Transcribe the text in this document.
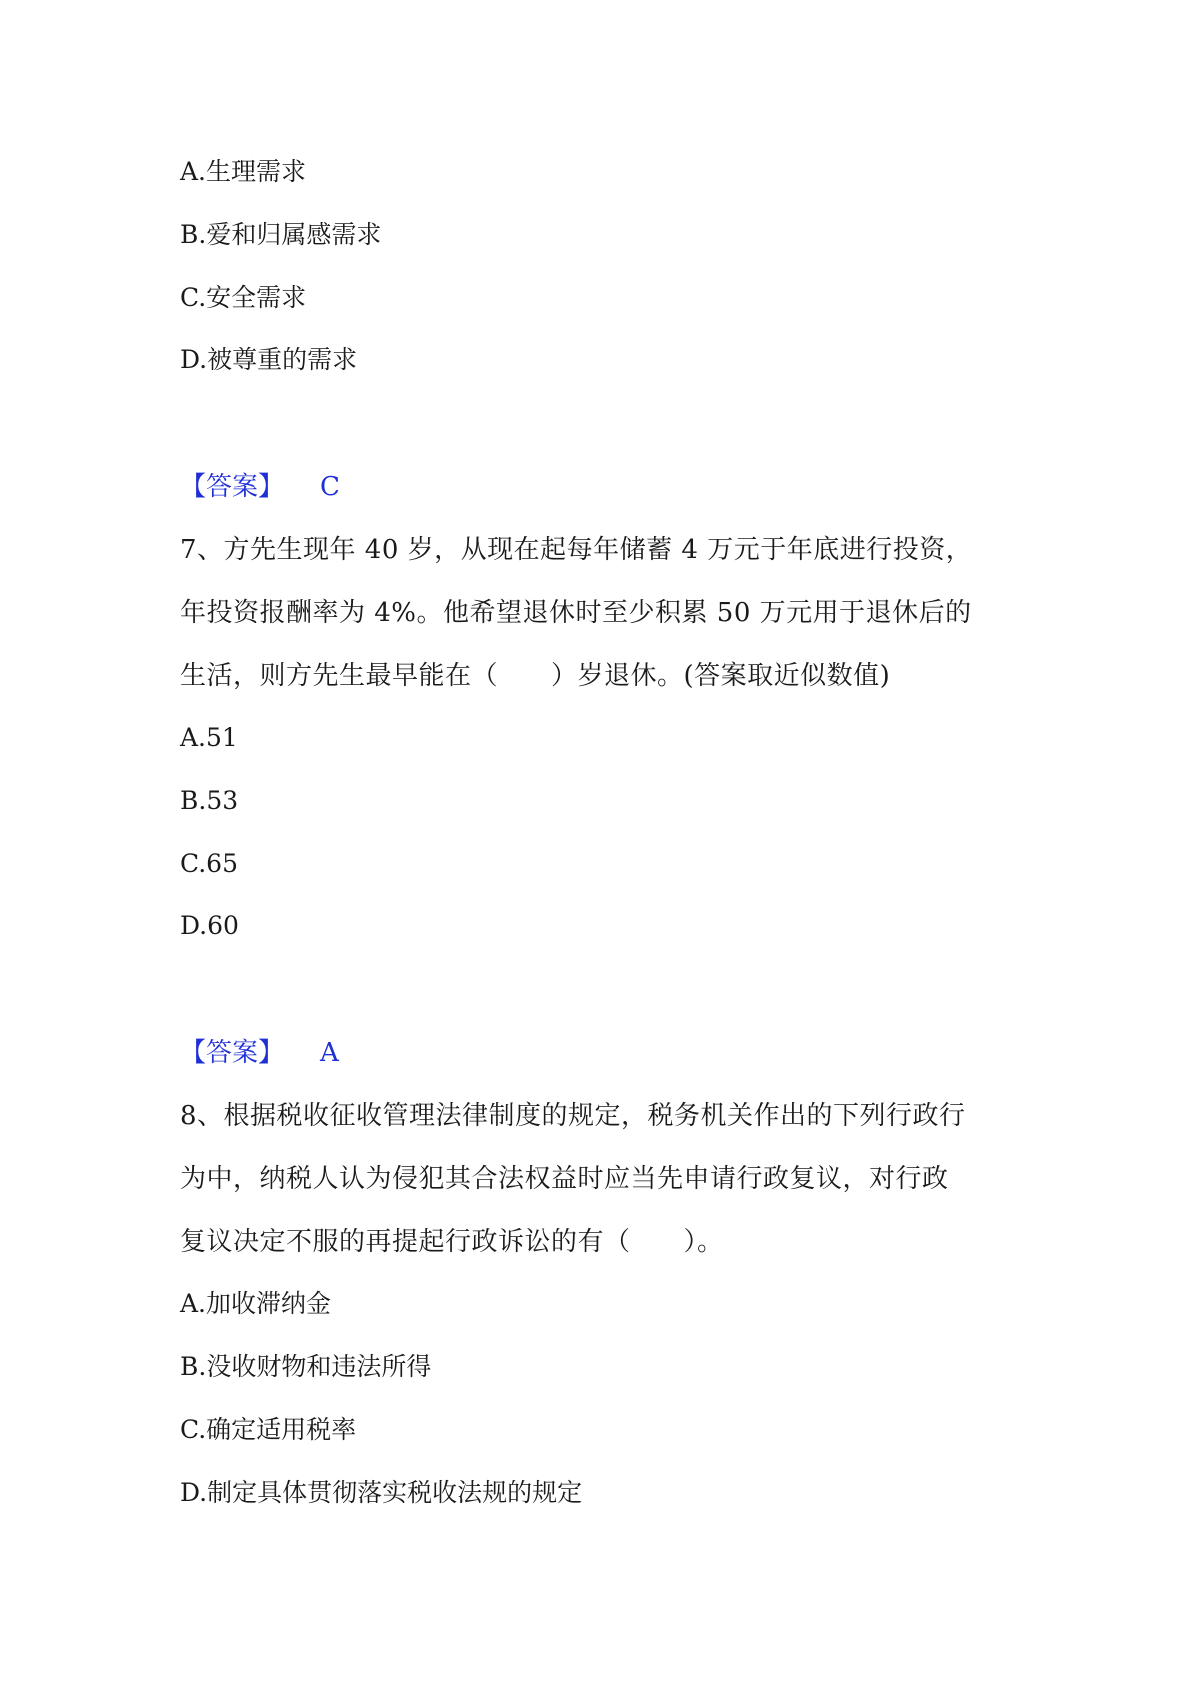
A.生理需求
B.爱和归属感需求
C.安全需求
D.被尊重的需求
【答案】 C
7、方先生现年 40 岁，从现在起每年储蓄 4 万元于年底进行投资，
年投资报酬率为 4%。他希望退休时至少积累 50 万元用于退休后的
生活，则方先生最早能在（　　）岁退休。(答案取近似数值)
A.51
B.53
C.65
D.60
【答案】 A
8、根据税收征收管理法律制度的规定，税务机关作出的下列行政行
为中，纳税人认为侵犯其合法权益时应当先申请行政复议，对行政
复议决定不服的再提起行政诉讼的有（　　）。
A.加收滞纳金
B.没收财物和违法所得
C.确定适用税率
D.制定具体贯彻落实税收法规的规定
